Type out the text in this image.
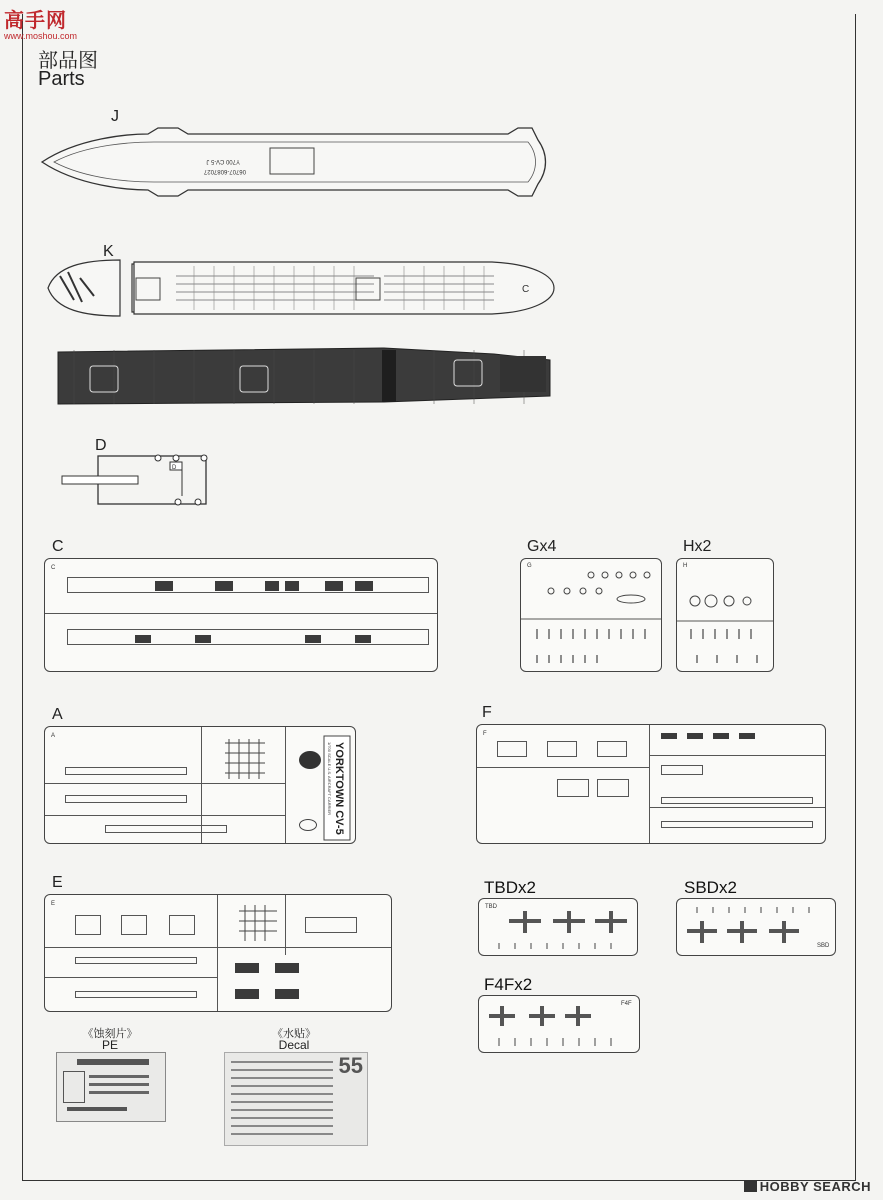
高手网
www.moshou.com
部品图
Parts
J
Y700 CV-5 J
06707-6087027
K
C
D
D
C
C
Gx4
G
Hx2
H
A
A
YORKTOWN CV-5
1/700 SCALE U.S. AIRCRAFT CARRIER
F
F
E
E
TBDx2
TBD
SBDx2
SBD
F4Fx2
F4F
《蚀刻片》
PE
《水贴》
Decal
55
HOBBY SEARCH
